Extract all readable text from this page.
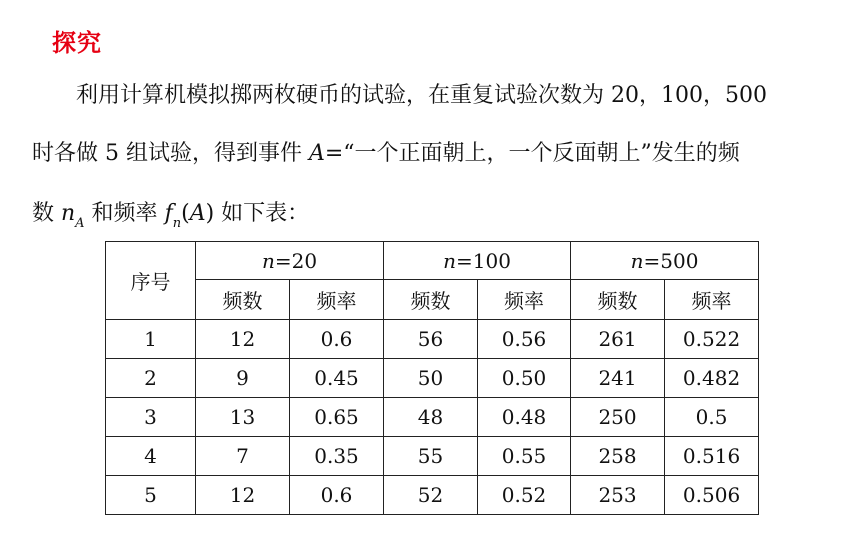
探究
利用计算机模拟掷两枚硬币的试验，在重复试验次数为 20，100，500
时各做 5 组试验，得到事件 A=“一个正面朝上，一个反面朝上”发生的频
数 $n_A$ 和频率 $f_n(A)$ 如下表：
序号	n=20		n=100		n=500	
	频数	频率	频数	频率	频数	频率
1	12	0.6	56	0.56	261	0.522
2	9	0.45	50	0.50	241	0.482
3	13	0.65	48	0.48	250	0.5
4	7	0.35	55	0.55	258	0.516
5	12	0.6	52	0.52	253	0.506
